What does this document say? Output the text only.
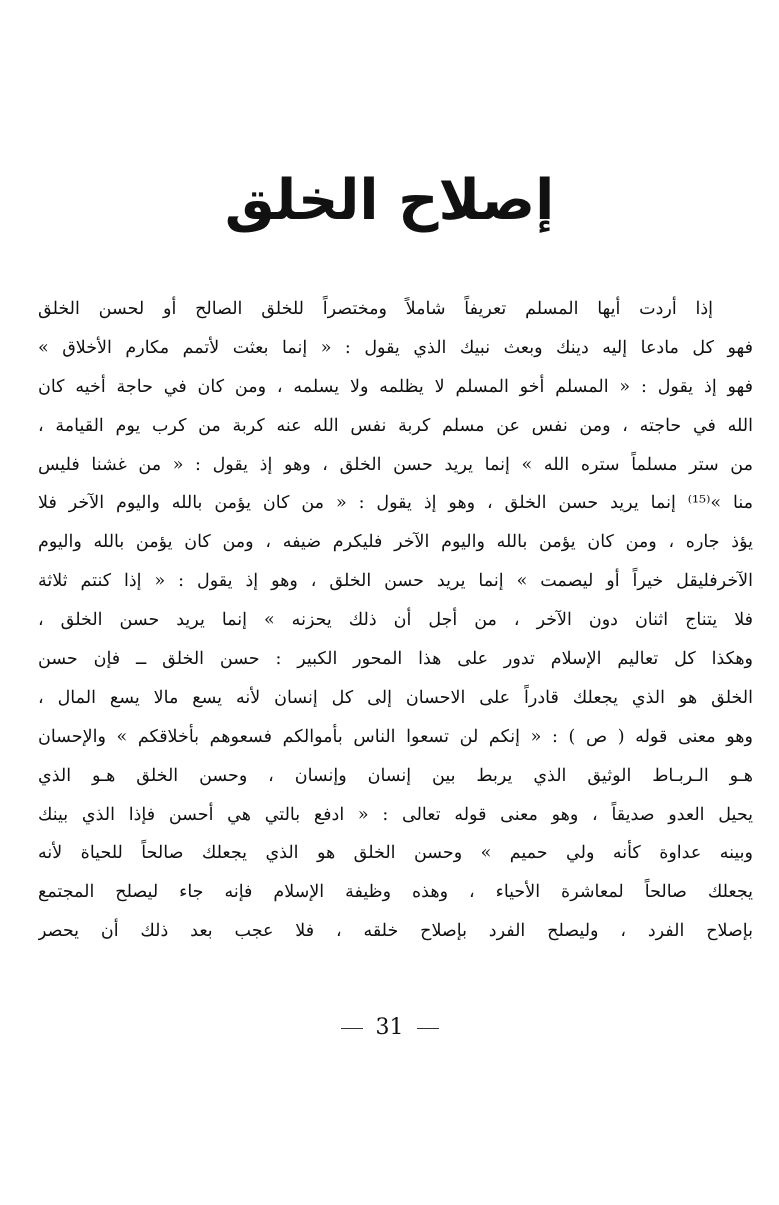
إصلاح الخلق
إذا أردت أيها المسلم تعريفاً شاملاً ومختصراً للخلق الصالح أو لحسن الخلق
فهو كل مادعا إليه دينك وبعث نبيك الذي يقول : « إنما بعثت لأتمم مكارم الأخلاق »
فهو إذ يقول : « المسلم أخو المسلم لا يظلمه ولا يسلمه ، ومن كان في حاجة أخيه كان
الله في حاجته ، ومن نفس عن مسلم كربة نفس الله عنه كربة من كرب يوم القيامة ،
من ستر مسلماً ستره الله » إنما يريد حسن الخلق ، وهو إذ يقول : « من غشنا فليس
منا »⁽¹⁵⁾ إنما يريد حسن الخلق ، وهو إذ يقول : « من كان يؤمن بالله واليوم الآخر فلا
يؤذ جاره ، ومن كان يؤمن بالله واليوم الآخر فليكرم ضيفه ، ومن كان يؤمن بالله واليوم
الآخرفليقل خيراً أو ليصمت » إنما يريد حسن الخلق ، وهو إذ يقول : « إذا كنتم ثلاثة
فلا يتناج اثنان دون الآخر ، من أجل أن ذلك يحزنه » إنما يريد حسن الخلق ،
وهكذا كل تعاليم الإسلام تدور على هذا المحور الكبير : حسن الخلق ــ فإن حسن
الخلق هو الذي يجعلك قادراً على الاحسان إلى كل إنسان لأنه يسع مالا يسع المال ،
وهو معنى قوله ( ص ) : « إنكم لن تسعوا الناس بأموالكم فسعوهم بأخلاقكم » والإحسان
هـو الـربـاط الوثيق الذي يربط بين إنسان وإنسان ، وحسن الخلق هـو الذي
يحيل العدو صديقاً ، وهو معنى قوله تعالى : « ادفع بالتي هي أحسن فإذا الذي بينك
وبينه عداوة كأنه ولي حميم » وحسن الخلق هو الذي يجعلك صالحاً للحياة لأنه
يجعلك صالحاً لمعاشرة الأحياء ، وهذه وظيفة الإسلام فإنه جاء ليصلح المجتمع
بإصلاح الفرد ، وليصلح الفرد بإصلاح خلقه ، فلا عجب بعد ذلك أن يحصر
31
